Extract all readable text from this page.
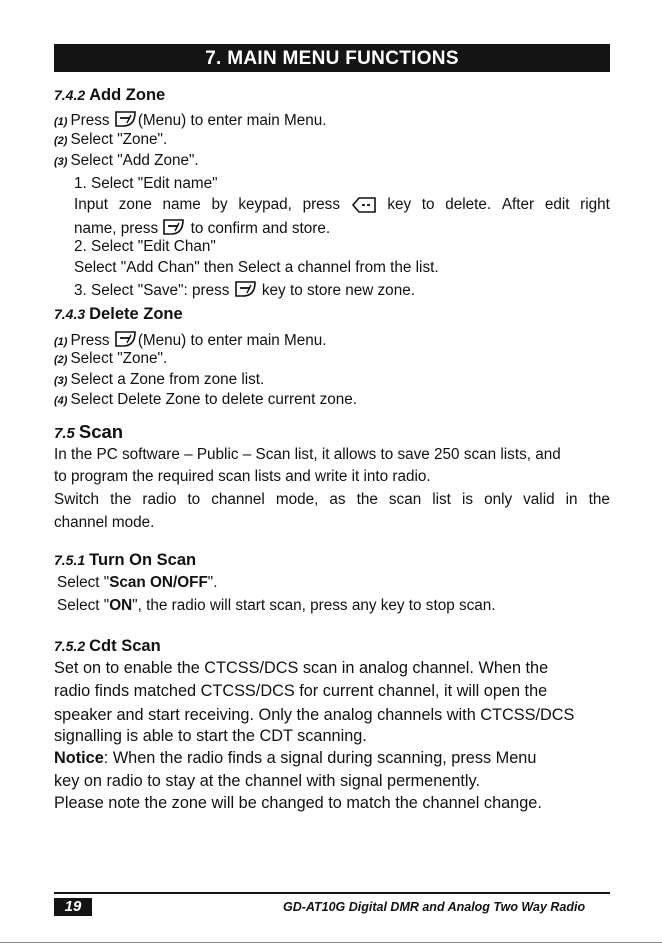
7. MAIN MENU FUNCTIONS
7.4.2 Add Zone
(1) Press (Menu) to enter main Menu.
(2) Select "Zone".
(3) Select "Add Zone".
1. Select "Edit name"
Input zone name by keypad, press	key to delete. After edit right
name, press  to confirm and store.
2. Select "Edit Chan"
Select "Add Chan" then Select a channel from the list.
3. Select "Save": press  key to store new zone.
7.4.3 Delete Zone
(1) Press (Menu) to enter main Menu.
(2) Select "Zone".
(3) Select a Zone from zone list.
(4) Select Delete Zone to delete current zone.
7.5 Scan
In the PC software – Public – Scan list, it allows to save 250 scan lists, and
to program the required scan lists and write it into radio.
Switch the radio to channel mode, as the scan list is only valid in the
channel mode.
7.5.1 Turn On Scan
Select "Scan ON/OFF".
Select "ON", the radio will start scan, press any key to stop scan.
7.5.2 Cdt Scan
Set on to enable the CTCSS/DCS scan in analog channel. When the
radio finds matched CTCSS/DCS for current channel, it will open the
speaker and start receiving. Only the analog channels with CTCSS/DCS
signalling is able to start the CDT scanning.
Notice: When the radio finds a signal during scanning, press Menu
key on radio to stay at the channel with signal permenently.
Please note the zone will be changed to match the channel change.
19	GD-AT10G Digital DMR and Analog Two Way Radio
